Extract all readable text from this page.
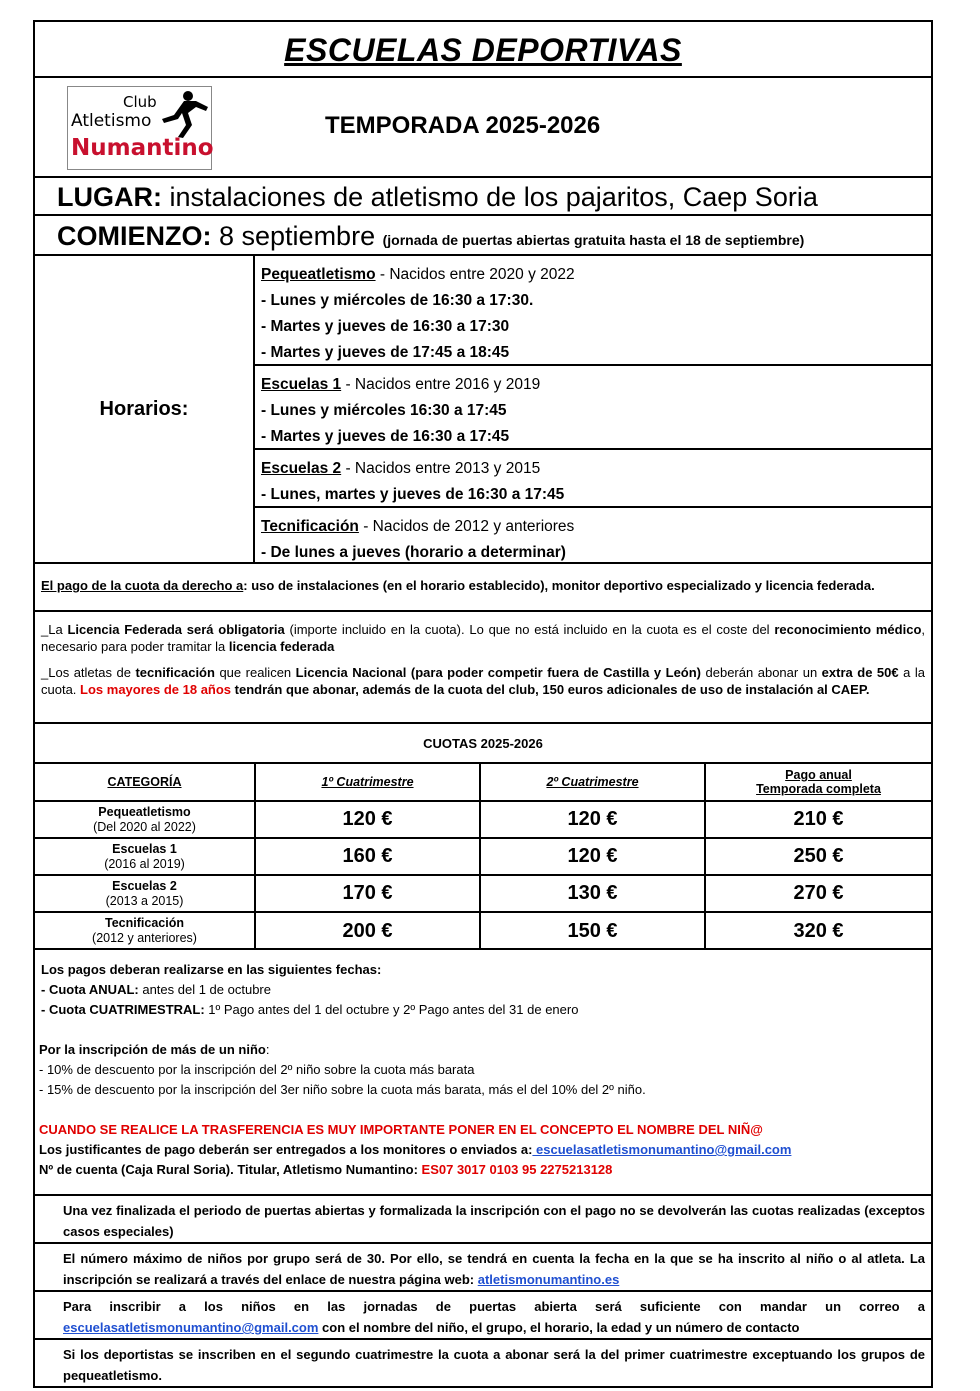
ESCUELAS DEPORTIVAS
Club
Atletismo
Numantino
TEMPORADA 2025-2026
LUGAR: instalaciones de atletismo de los pajaritos, Caep Soria
COMIENZO: 8 septiembre (jornada de puertas abiertas gratuita hasta el 18 de septiembre)
Horarios:
Pequeatletismo - Nacidos entre 2020 y 2022
- Lunes y miércoles de 16:30 a 17:30.
- Martes y jueves de 16:30 a 17:30
- Martes y jueves de 17:45 a 18:45
Escuelas 1 - Nacidos entre 2016 y 2019
- Lunes y miércoles 16:30 a 17:45
- Martes y jueves de 16:30 a 17:45
Escuelas 2 - Nacidos entre 2013 y 2015
- Lunes, martes y jueves de 16:30 a 17:45
Tecnificación - Nacidos de 2012 y anteriores
- De lunes a jueves (horario a determinar)
El pago de la cuota da derecho a: uso de instalaciones (en el horario establecido), monitor deportivo especializado y licencia federada.

_La Licencia Federada será obligatoria (importe incluido en la cuota). Lo que no está incluido en la cuota es el coste del reconocimiento médico, necesario para poder tramitar la licencia federada

_Los atletas de tecnificación que realicen Licencia Nacional (para poder competir fuera de Castilla y León) deberán abonar un extra de 50€ a la cuota. Los mayores de 18 años tendrán que abonar, además de la cuota del club, 150 euros adicionales de uso de instalación al CAEP.

CUOTAS 2025-2026
CATEGORÍA	1º Cuatrimestre	2º Cuatrimestre	Pago anual
Temporada completa

Pequeatletismo
(Del 2020 al 2022)	120 €	120 €	210 €

Escuelas 1
(2016 al 2019)	160 €	120 €	250 €

Escuelas 2
(2013 a 2015)	170 €	130 €	270 €

Tecnificación
(2012 y anteriores)	200 €	150 €	320 €
Los pagos deberan realizarse en las siguientes fechas:
- Cuota ANUAL: antes del 1 de octubre
- Cuota CUATRIMESTRAL: 1º Pago antes del 1 del octubre y 2º Pago antes del 31 de enero
Por la inscripción de más de un niño:
- 10% de descuento por la inscripción del 2º niño sobre la cuota más barata
- 15% de descuento por la inscripción del 3er niño sobre la cuota más barata, más el del 10% del 2º niño.
CUANDO SE REALICE LA TRASFERENCIA ES MUY IMPORTANTE PONER EN EL CONCEPTO EL NOMBRE DEL NIÑ@
Los justificantes de pago deberán ser entregados a los monitores o enviados a: escuelasatletismonumantino@gmail.com
Nº de cuenta (Caja Rural Soria). Titular, Atletismo Numantino: ES07 3017 0103 95 2275213128
Una vez finalizada el periodo de puertas abiertas y formalizada la inscripción con el pago no se devolverán las cuotas realizadas (exceptos casos especiales)
El número máximo de niños por grupo será de 30. Por ello, se tendrá en cuenta la fecha en la que se ha inscrito al niño o al atleta. La inscripción se realizará a través del enlace de nuestra página web: atletismonumantino.es
Para inscribir a los niños en las jornadas de puertas abierta será suficiente con mandar un correo a escuelasatletismonumantino@gmail.com con el nombre del niño, el grupo, el horario, la edad y un número de contacto
Si los deportistas se inscriben en el segundo cuatrimestre la cuota a abonar será la del primer cuatrimestre exceptuando los grupos de pequeatletismo.
